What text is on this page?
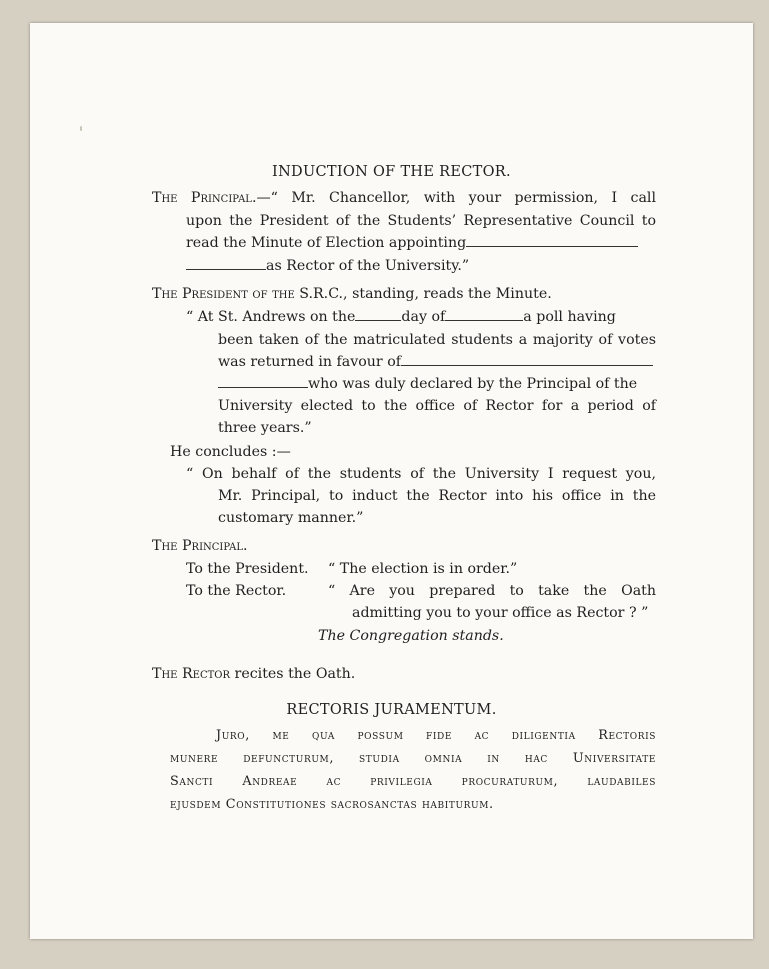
INDUCTION OF THE RECTOR.
The Principal.—“ Mr. Chancellor, with your permission, I call
upon the President of the Students’ Representative Council to
read the Minute of Election appointing
as Rector of the University.”
The President of the S.R.C., standing, reads the Minute.
“ At St. Andrews on the	day of	a poll having
been taken of the matriculated students a majority of votes
was returned in favour of
who was duly declared by the Principal of the
University elected to the office of Rector for a period of
three years.”
He concludes :—
“ On behalf of the students of the University I request you,
Mr. Principal, to induct the Rector into his office in the
customary manner.”
The Principal.
To the President. “ The election is in order.”
To the Rector.	“ Are you prepared to take the Oath
admitting you to your office as Rector ? ”
The Congregation stands.
The Rector recites the Oath.
RECTORIS JURAMENTUM.
Juro, me qua possum fide ac diligentia Rectoris
munere defuncturum, studia omnia in hac Universitate
Sancti Andreae ac privilegia procuraturum, laudabiles
ejusdem Constitutiones sacrosanctas habiturum.
